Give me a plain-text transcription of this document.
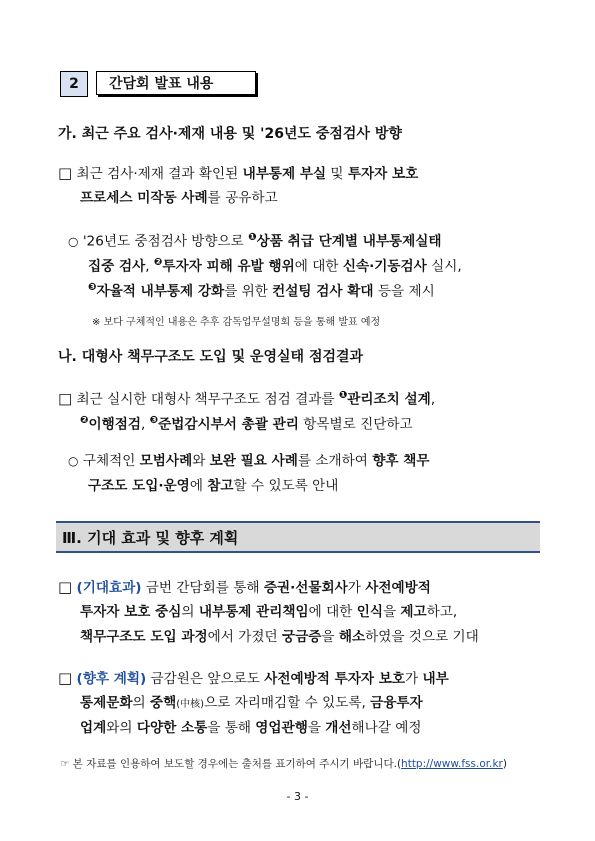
2	간담회 발표 내용
가. 최근 주요 검사·제재 내용 및 '26년도 중점검사 방향
□ 최근 검사·제재 결과 확인된 내부통제 부실 및 투자자 보호
프로세스 미작동 사례를 공유하고
○ '26년도 중점검사 방향으로 $^❶$상품 취급 단계별 내부통제실태
집중 검사, $^❷$투자자 피해 유발 행위에 대한 신속·기동검사 실시,
$^❸$자율적 내부통제 강화를 위한 컨설팅 검사 확대 등을 제시
※ 보다 구체적인 내용은 추후 감독업무설명회 등을 통해 발표 예정
나. 대형사 책무구조도 도입 및 운영실태 점검결과
□ 최근 실시한 대형사 책무구조도 점검 결과를 $^❶$관리조치 설계,
$^❷$이행점검, $^❸$준법감시부서 총괄 관리 항목별로 진단하고
○ 구체적인 모범사례와 보완 필요 사례를 소개하여 향후 책무
구조도 도입·운영에 참고할 수 있도록 안내
Ⅲ. 기대 효과 및 향후 계획
□ (기대효과) 금번 간담회를 통해 증권·선물회사가 사전예방적
투자자 보호 중심의 내부통제 관리책임에 대한 인식을 제고하고,
책무구조도 도입 과정에서 가졌던 궁금증을 해소하였을 것으로 기대
□ (향후 계획) 금감원은 앞으로도 사전예방적 투자자 보호가 내부
통제문화의 중핵(中核)으로 자리매김할 수 있도록, 금융투자
업계와의 다양한 소통을 통해 영업관행을 개선해나갈 예정
☞ 본 자료를 인용하여 보도할 경우에는 출처를 표기하여 주시기 바랍니다.(http://www.fss.or.kr)
- 3 -
